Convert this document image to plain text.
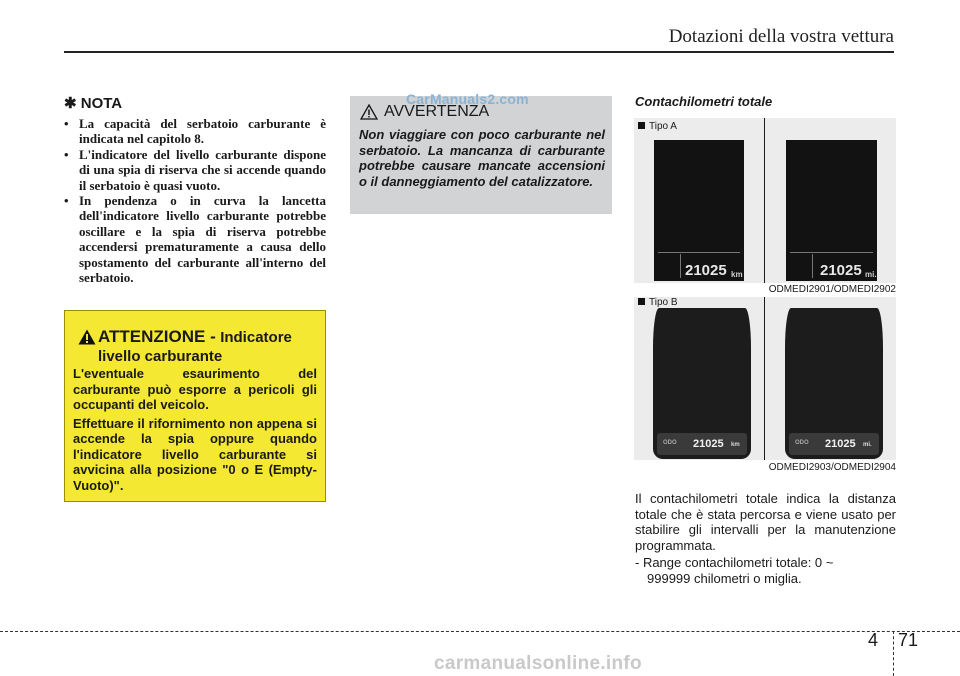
Dotazioni della vostra vettura
✱ NOTA
• La capacità del serbatoio carburante è indicata nel capitolo 8.
• L'indicatore del livello carburante dispone di una spia di riserva che si accende quando il serbatoio è quasi vuoto.
• In pendenza o in curva la lancetta dell'indicatore livello carburante potrebbe oscillare e la spia di riserva potrebbe accendersi prematuramente a causa dello spostamento del carburante all'interno del serbatoio.
ATTENZIONE - Indicatore livello carburante

L'eventuale esaurimento del carburante può esporre a pericoli gli occupanti del veicolo.

Effettuare il rifornimento non appena si accende la spia oppure quando l'indicatore livello carburante si avvicina alla posizione "0 o E (Empty-Vuoto)".

AVVERTENZA
Non viaggiare con poco carburante nel serbatoio. La mancanza di carburante potrebbe causare mancate accensioni o il danneggiamento del catalizzatore.
CarManuals2.com	Contachilometri totale
Tipo A
21025 km	21025 mi.
ODMEDI2901/ODMEDI2902
Tipo B
ODO 21025 km	ODO 21025 mi.
ODMEDI2903/ODMEDI2904
Il contachilometri totale indica la distanza totale che è stata percorsa e viene usato per stabilire gli intervalli per la manutenzione programmata.
- Range contachilometri totale: 0 ~
999999 chilometri o miglia.
4 71
carmanualsonline.info
